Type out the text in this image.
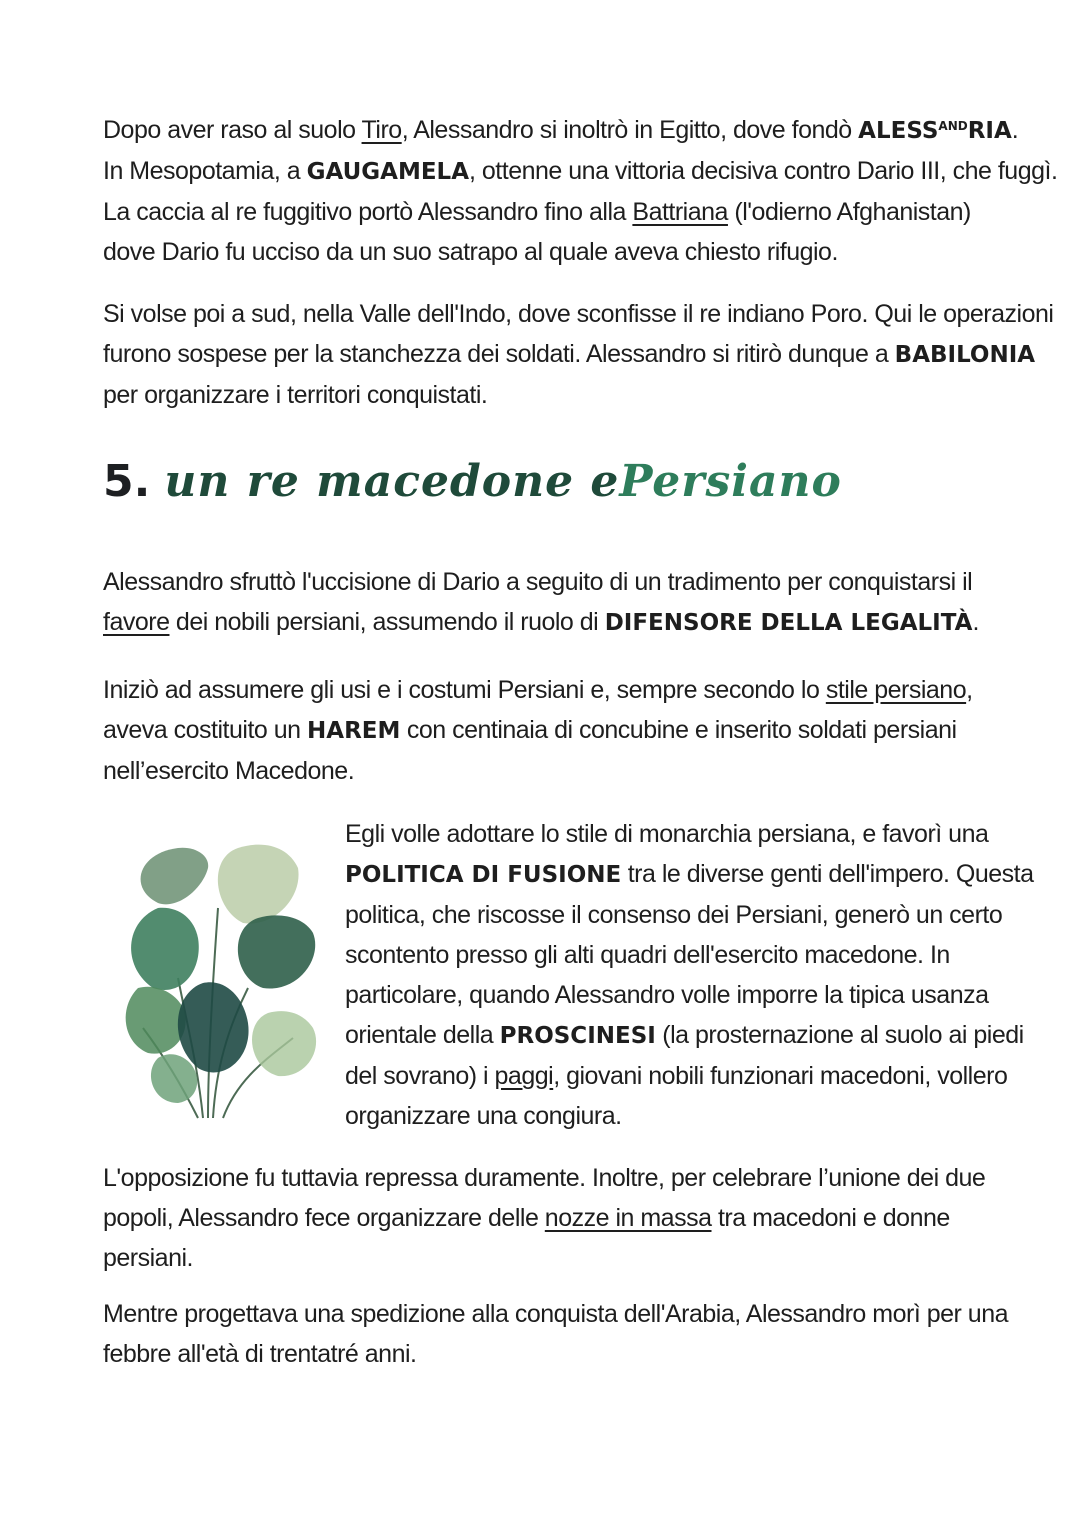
Dopo aver raso al suolo Tiro, Alessandro si inoltrò in Egitto, dove fondò $ALESS^{AND}RIA$.
In Mesopotamia, a GAUGAMELA, ottenne una vittoria decisiva contro Dario III, che fuggì.
La caccia al re fuggitivo portò Alessandro fino alla Battriana (l'odierno Afghanistan)
dove Dario fu ucciso da un suo satrapo al quale aveva chiesto rifugio.

Si volse poi a sud, nella Valle dell'Indo, dove sconfisse il re indiano Poro. Qui le operazioni
furono sospese per la stanchezza dei soldati. Alessandro si ritirò dunque a BABILONIA
per organizzare i territori conquistati.

5. un re macedone ePersiano

Alessandro sfruttò l'uccisione di Dario a seguito di un tradimento per conquistarsi il
favore dei nobili persiani, assumendo il ruolo di DIFENSORE DELLA LEGALITÀ.

Iniziò ad assumere gli usi e i costumi Persiani e, sempre secondo lo stile persiano,
aveva costituito un HAREM con centinaia di concubine e inserito soldati persiani
nell’esercito Macedone.

Egli volle adottare lo stile di monarchia persiana, e favorì una
POLITICA DI FUSIONE tra le diverse genti dell'impero. Questa
politica, che riscosse il consenso dei Persiani, generò un certo
scontento presso gli alti quadri dell'esercito macedone. In
particolare, quando Alessandro volle imporre la tipica usanza
orientale della PROSCINESI (la prosternazione al suolo ai piedi
del sovrano) i paggi, giovani nobili funzionari macedoni, vollero
organizzare una congiura.

L'opposizione fu tuttavia repressa duramente. Inoltre, per celebrare l’unione dei due
popoli, Alessandro fece organizzare delle nozze in massa tra macedoni e donne
persiani.

Mentre progettava una spedizione alla conquista dell'Arabia, Alessandro morì per una
febbre all'età di trentatré anni.
